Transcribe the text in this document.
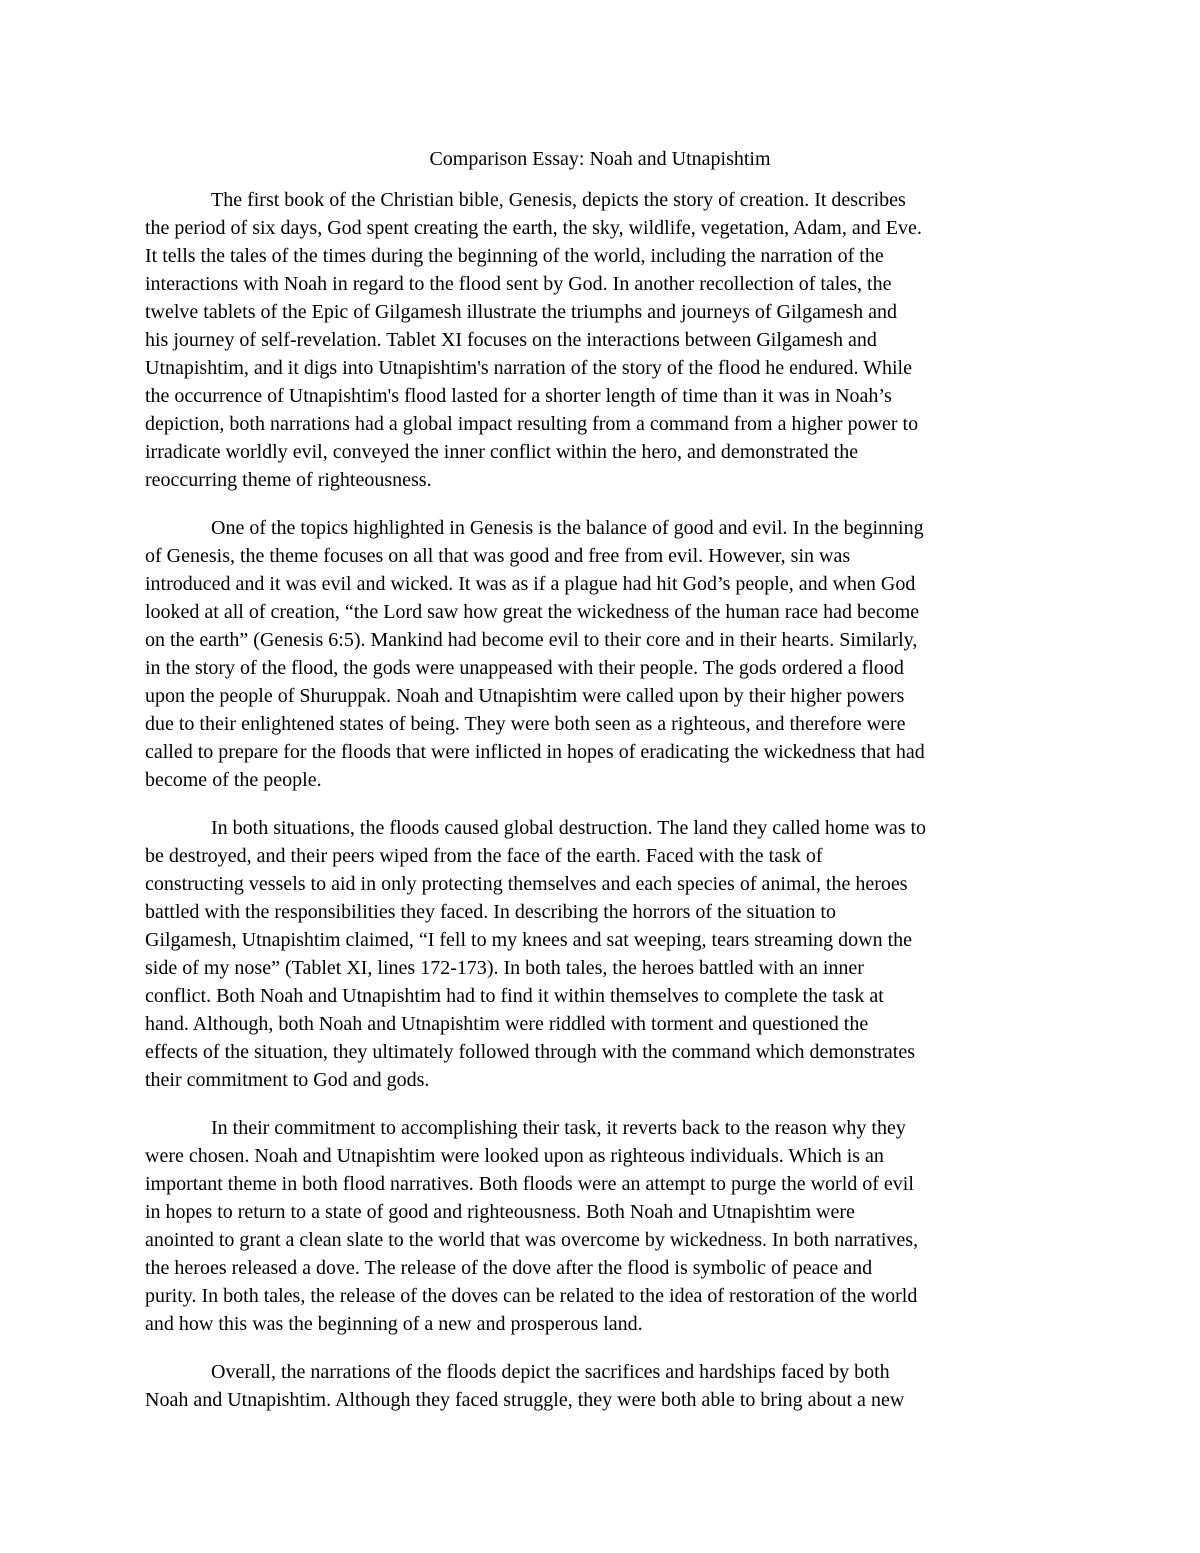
Comparison Essay: Noah and Utnapishtim
The first book of the Christian bible, Genesis, depicts the story of creation. It describes
the period of six days, God spent creating the earth, the sky, wildlife, vegetation, Adam, and Eve.
It tells the tales of the times during the beginning of the world, including the narration of the
interactions with Noah in regard to the flood sent by God. In another recollection of tales, the
twelve tablets of the Epic of Gilgamesh illustrate the triumphs and journeys of Gilgamesh and
his journey of self-revelation. Tablet XI focuses on the interactions between Gilgamesh and
Utnapishtim, and it digs into Utnapishtim's narration of the story of the flood he endured. While
the occurrence of Utnapishtim's flood lasted for a shorter length of time than it was in Noah’s
depiction, both narrations had a global impact resulting from a command from a higher power to
irradicate worldly evil, conveyed the inner conflict within the hero, and demonstrated the
reoccurring theme of righteousness.
One of the topics highlighted in Genesis is the balance of good and evil. In the beginning
of Genesis, the theme focuses on all that was good and free from evil. However, sin was
introduced and it was evil and wicked. It was as if a plague had hit God’s people, and when God
looked at all of creation, “the Lord saw how great the wickedness of the human race had become
on the earth” (Genesis 6:5). Mankind had become evil to their core and in their hearts. Similarly,
in the story of the flood, the gods were unappeased with their people. The gods ordered a flood
upon the people of Shuruppak. Noah and Utnapishtim were called upon by their higher powers
due to their enlightened states of being. They were both seen as a righteous, and therefore were
called to prepare for the floods that were inflicted in hopes of eradicating the wickedness that had
become of the people.
In both situations, the floods caused global destruction. The land they called home was to
be destroyed, and their peers wiped from the face of the earth. Faced with the task of
constructing vessels to aid in only protecting themselves and each species of animal, the heroes
battled with the responsibilities they faced. In describing the horrors of the situation to
Gilgamesh, Utnapishtim claimed, “I fell to my knees and sat weeping, tears streaming down the
side of my nose” (Tablet XI, lines 172-173). In both tales, the heroes battled with an inner
conflict. Both Noah and Utnapishtim had to find it within themselves to complete the task at
hand. Although, both Noah and Utnapishtim were riddled with torment and questioned the
effects of the situation, they ultimately followed through with the command which demonstrates
their commitment to God and gods.
In their commitment to accomplishing their task, it reverts back to the reason why they
were chosen. Noah and Utnapishtim were looked upon as righteous individuals. Which is an
important theme in both flood narratives. Both floods were an attempt to purge the world of evil
in hopes to return to a state of good and righteousness. Both Noah and Utnapishtim were
anointed to grant a clean slate to the world that was overcome by wickedness. In both narratives,
the heroes released a dove. The release of the dove after the flood is symbolic of peace and
purity. In both tales, the release of the doves can be related to the idea of restoration of the world
and how this was the beginning of a new and prosperous land.
Overall, the narrations of the floods depict the sacrifices and hardships faced by both
Noah and Utnapishtim. Although they faced struggle, they were both able to bring about a new
